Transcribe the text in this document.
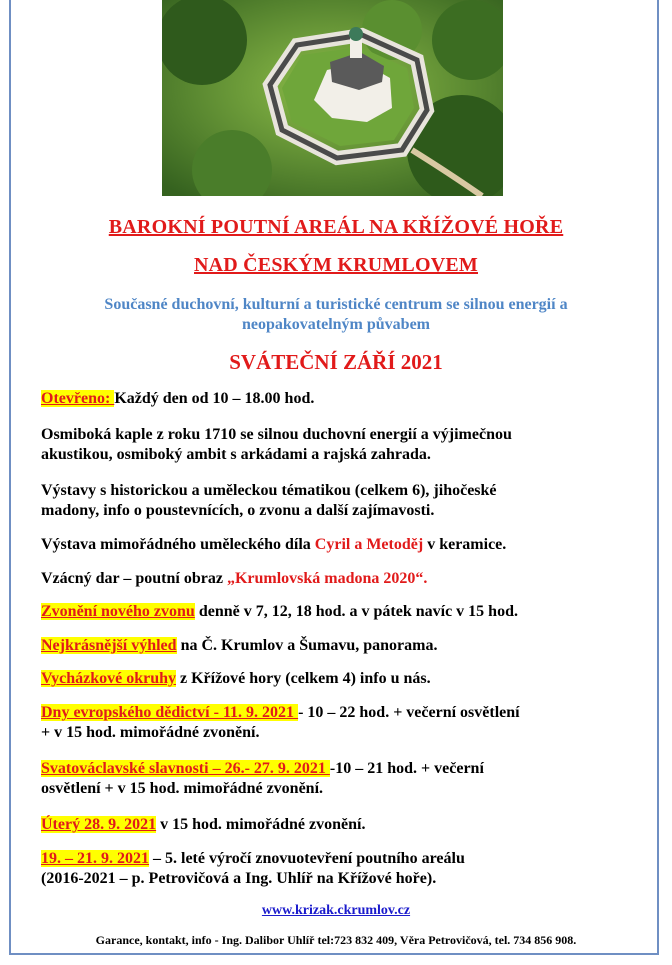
BAROKNÍ POUTNÍ AREÁL NA KŘÍŽOVÉ HOŘE
NAD ČESKÝM KRUMLOVEM
Současné duchovní, kulturní a turistické centrum se silnou energií a
neopakovatelným půvabem
SVÁTEČNÍ ZÁŘÍ 2021
Otevřeno: Každý den od 10 – 18.00 hod.
Osmiboká kaple z roku 1710 se silnou duchovní energií a výjimečnou
akustikou, osmiboký ambit s arkádami a rajská zahrada.
Výstavy s historickou a uměleckou tématikou (celkem 6), jihočeské
madony, info o poustevnících, o zvonu a další zajímavosti.
Výstava mimořádného uměleckého díla Cyril a Metoděj v keramice.
Vzácný dar – poutní obraz „Krumlovská madona 2020“.
Zvonění nového zvonu denně v 7, 12, 18 hod. a v pátek navíc v 15 hod.
Nejkrásnější výhled na Č. Krumlov a Šumavu, panorama.
Vycházkové okruhy z Křížové hory (celkem 4) info u nás.
Dny evropského dědictví - 11. 9. 2021 - 10 – 22 hod. + večerní osvětlení
+ v 15 hod. mimořádné zvonění.
Svatováclavské slavnosti – 26.- 27. 9. 2021 -10 – 21 hod. + večerní
osvětlení + v 15 hod. mimořádné zvonění.
Úterý 28. 9. 2021 v 15 hod. mimořádné zvonění.
19. – 21. 9. 2021 – 5. leté výročí znovuotevření poutního areálu
(2016-2021 – p. Petrovičová a Ing. Uhlíř na Křížové hoře).
www.krizak.ckrumlov.cz
Garance, kontakt, info - Ing. Dalibor Uhlíř tel:723 832 409, Věra Petrovičová, tel. 734 856 908.
